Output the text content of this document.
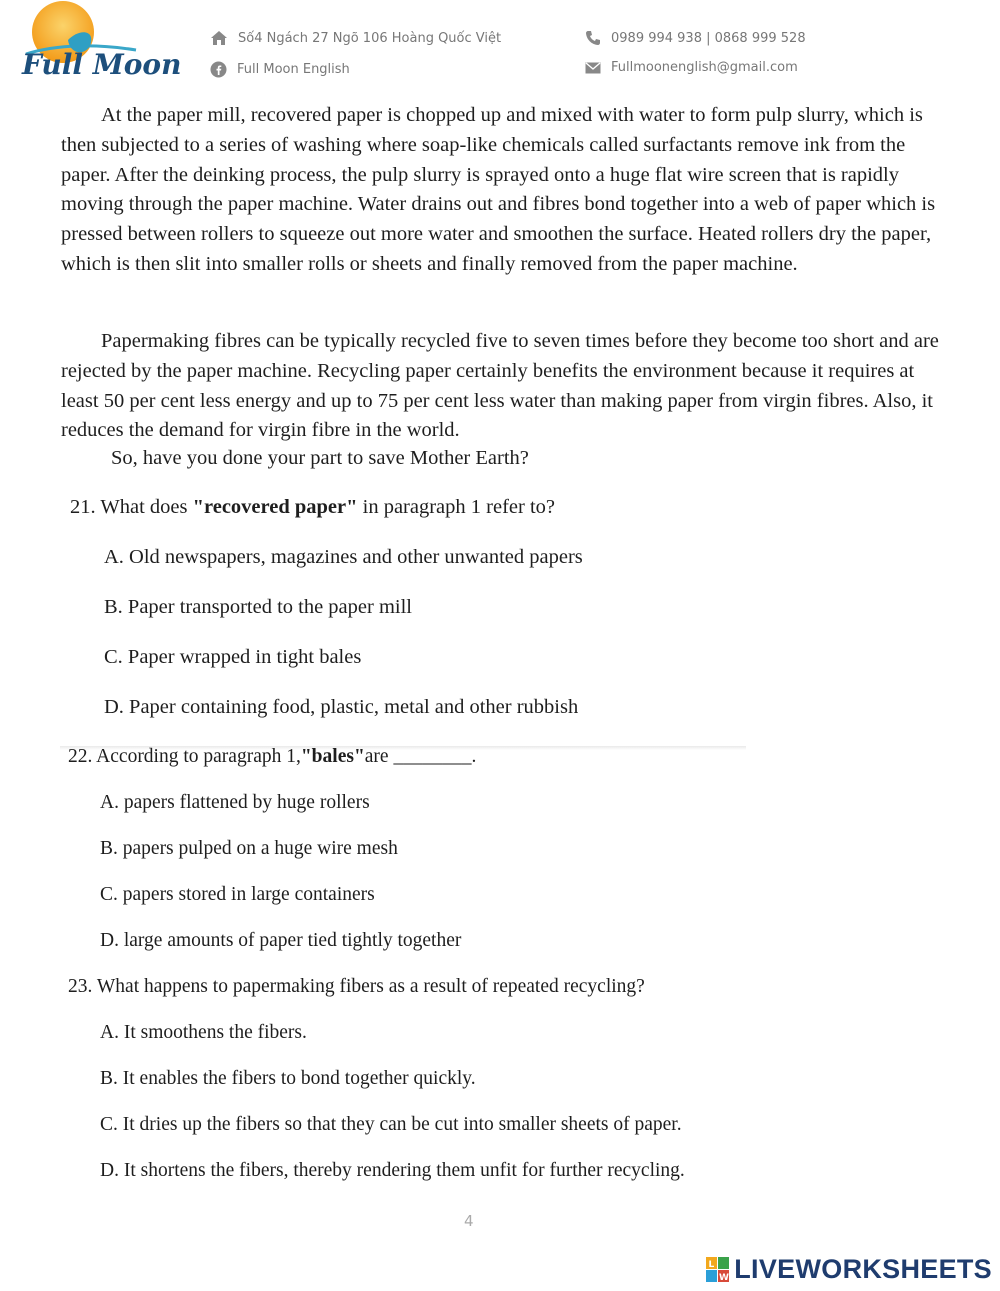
Full Moon
Số4 Ngách 27 Ngõ 106 Hoàng Quốc Việt
Full Moon English
0989 994 938 | 0868 999 528
Fullmoonenglish@gmail.com

At the paper mill, recovered paper is chopped up and mixed with water to form pulp slurry, which is then subjected to a series of washing where soap-like chemicals called surfactants remove ink from the paper. After the deinking process, the pulp slurry is sprayed onto a huge flat wire screen that is rapidly moving through the paper machine. Water drains out and fibres bond together into a web of paper which is pressed between rollers to squeeze out more water and smoothen the surface. Heated rollers dry the paper, which is then slit into smaller rolls or sheets and finally removed from the paper machine.

Papermaking fibres can be typically recycled five to seven times before they become too short and are rejected by the paper machine. Recycling paper certainly benefits the environment because it requires at least 50 per cent less energy and up to 75 per cent less water than making paper from virgin fibres. Also, it reduces the demand for virgin fibre in the world.

So, have you done your part to save Mother Earth?
21. What does "recovered paper" in paragraph 1 refer to?
A. Old newspapers, magazines and other unwanted papers
B. Paper transported to the paper mill
C. Paper wrapped in tight bales
D. Paper containing food, plastic, metal and other rubbish
22. According to paragraph 1,"bales"are ________.
A. papers flattened by huge rollers
B. papers pulped on a huge wire mesh
C. papers stored in large containers
D. large amounts of paper tied tightly together
23. What happens to papermaking fibers as a result of repeated recycling?
A. It smoothens the fibers.
B. It enables the fibers to bond together quickly.
C. It dries up the fibers so that they can be cut into smaller sheets of paper.
D. It shortens the fibers, thereby rendering them unfit for further recycling.
4
L
W LIVEWORKSHEETS
